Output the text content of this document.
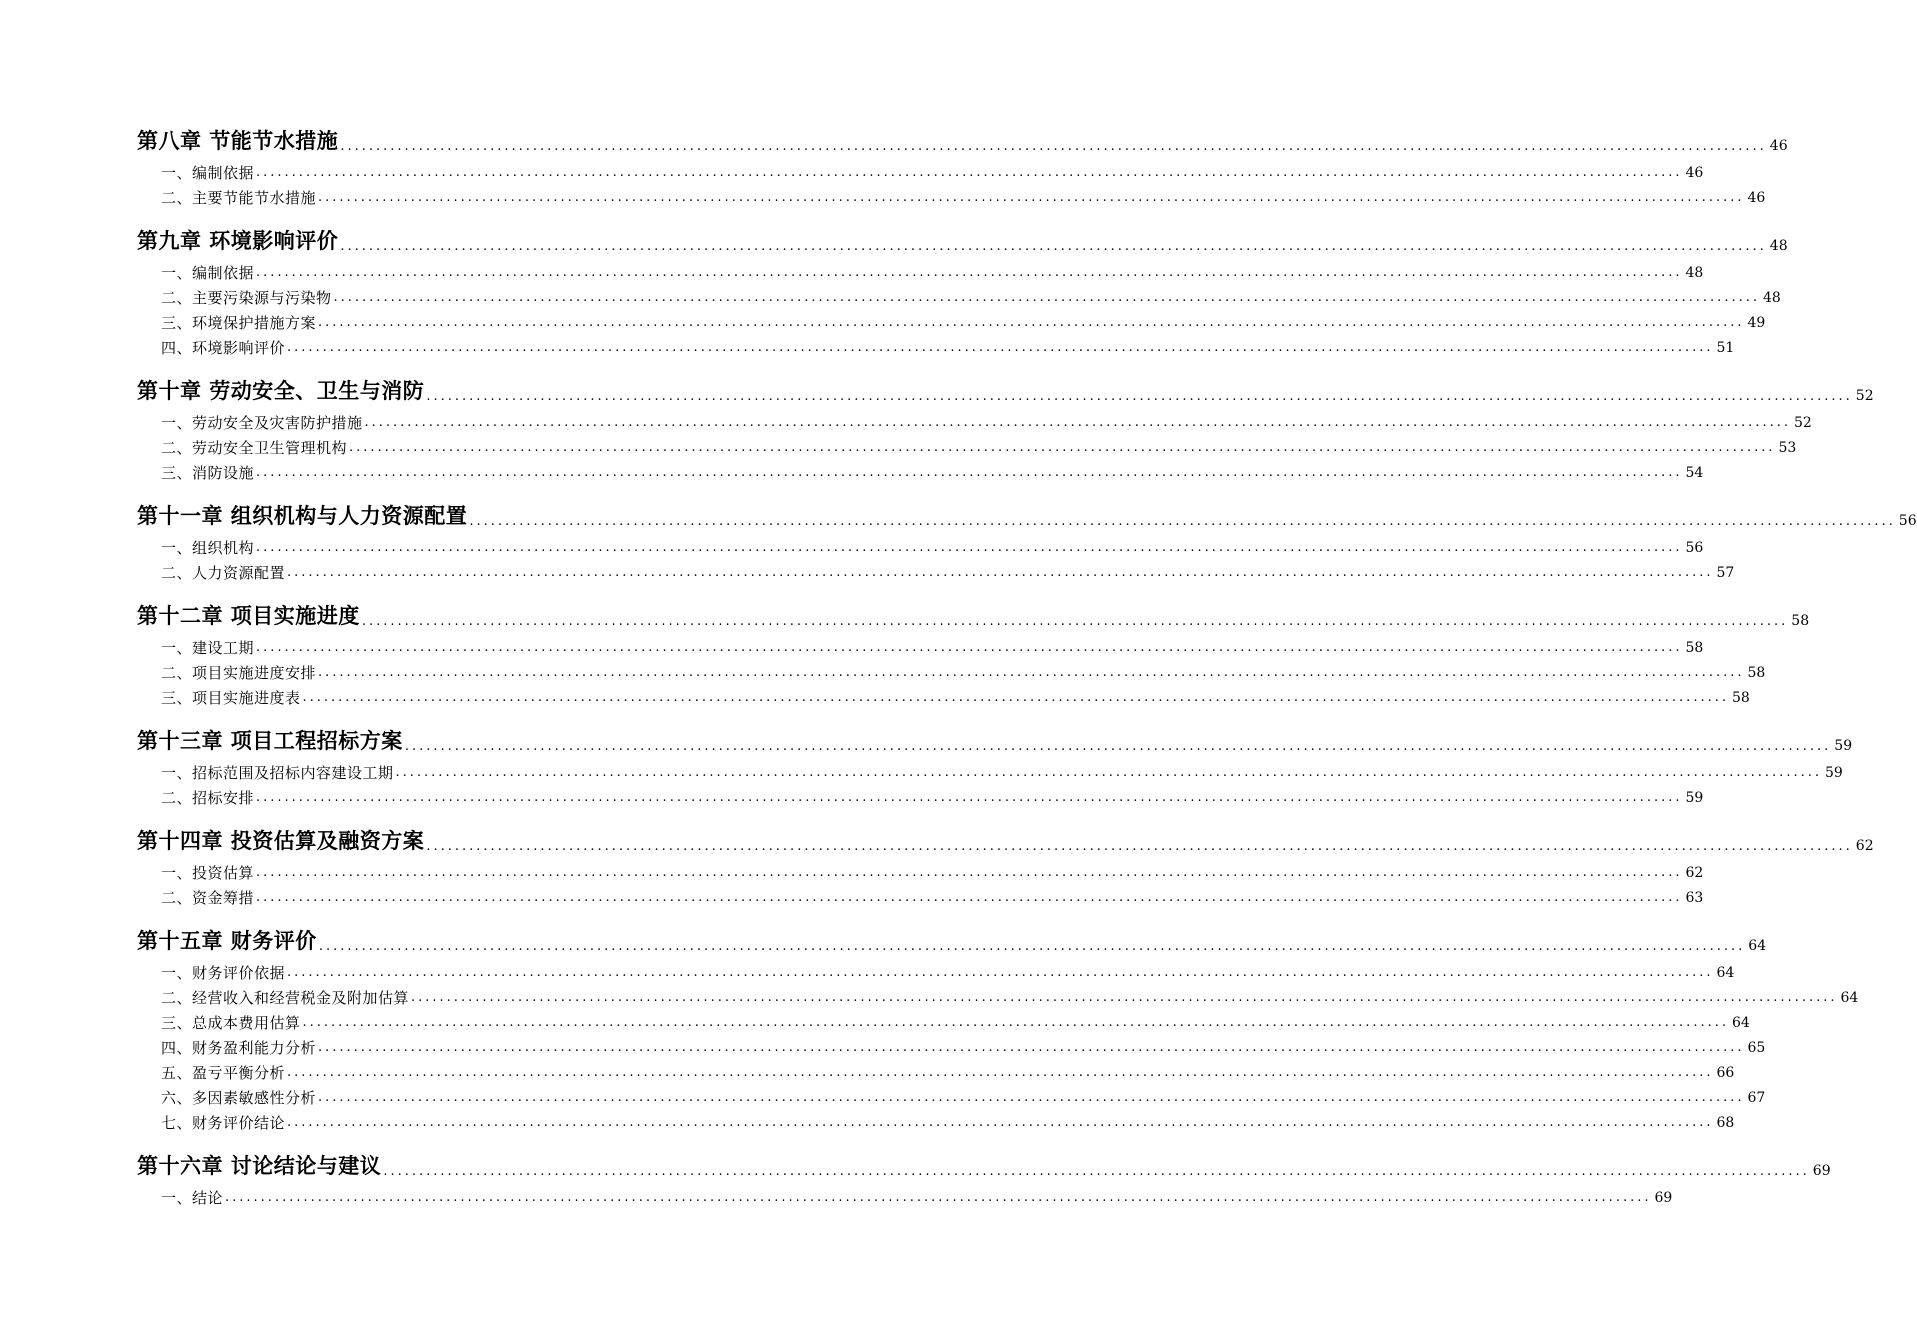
第八章 节能节水措施 ........................................................................................................................................................................................................ 46
一、编制依据 ........................................................................................................................................................................................................ 46
二、主要节能节水措施 ........................................................................................................................................................................................................ 46
第九章 环境影响评价 ........................................................................................................................................................................................................ 48
一、编制依据 ........................................................................................................................................................................................................ 48
二、主要污染源与污染物 ........................................................................................................................................................................................................ 48
三、环境保护措施方案 ........................................................................................................................................................................................................ 49
四、环境影响评价 ........................................................................................................................................................................................................ 51
第十章 劳动安全、卫生与消防 ........................................................................................................................................................................................................ 52
一、劳动安全及灾害防护措施 ........................................................................................................................................................................................................ 52
二、劳动安全卫生管理机构 ........................................................................................................................................................................................................ 53
三、消防设施 ........................................................................................................................................................................................................ 54
第十一章 组织机构与人力资源配置 ........................................................................................................................................................................................................ 56
一、组织机构 ........................................................................................................................................................................................................ 56
二、人力资源配置 ........................................................................................................................................................................................................ 57
第十二章 项目实施进度 ........................................................................................................................................................................................................ 58
一、建设工期 ........................................................................................................................................................................................................ 58
二、项目实施进度安排 ........................................................................................................................................................................................................ 58
三、项目实施进度表 ........................................................................................................................................................................................................ 58
第十三章 项目工程招标方案 ........................................................................................................................................................................................................ 59
一、招标范围及招标内容建设工期 ........................................................................................................................................................................................................ 59
二、招标安排 ........................................................................................................................................................................................................ 59
第十四章 投资估算及融资方案 ........................................................................................................................................................................................................ 62
一、投资估算 ........................................................................................................................................................................................................ 62
二、资金筹措 ........................................................................................................................................................................................................ 63
第十五章 财务评价 ........................................................................................................................................................................................................ 64
一、财务评价依据 ........................................................................................................................................................................................................ 64
二、经营收入和经营税金及附加估算 ........................................................................................................................................................................................................ 64
三、总成本费用估算 ........................................................................................................................................................................................................ 64
四、财务盈利能力分析 ........................................................................................................................................................................................................ 65
五、盈亏平衡分析 ........................................................................................................................................................................................................ 66
六、多因素敏感性分析 ........................................................................................................................................................................................................ 67
七、财务评价结论 ........................................................................................................................................................................................................ 68
第十六章 讨论结论与建议 ........................................................................................................................................................................................................ 69
一、结论 ........................................................................................................................................................................................................ 69
